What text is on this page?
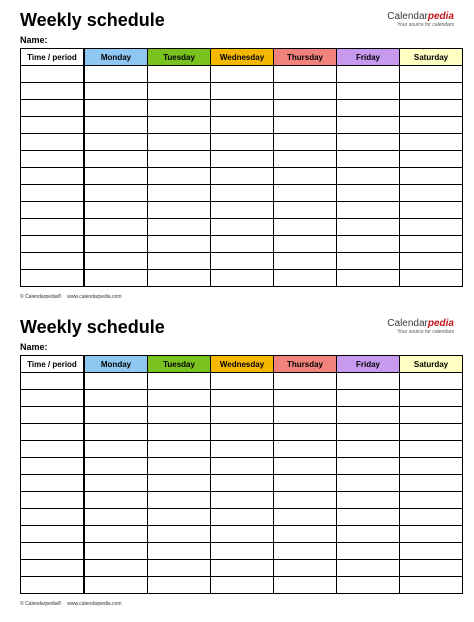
Weekly schedule
Name:
Calendarpedia
Your source for calendars
Time / period	Monday	Tuesday	Wednesday	Thursday	Friday	Saturday

© Calendarpedia® www.calendarpedia.com
Weekly schedule
Name:
Calendarpedia
Your source for calendars
Time / period	Monday	Tuesday	Wednesday	Thursday	Friday	Saturday

© Calendarpedia® www.calendarpedia.com
